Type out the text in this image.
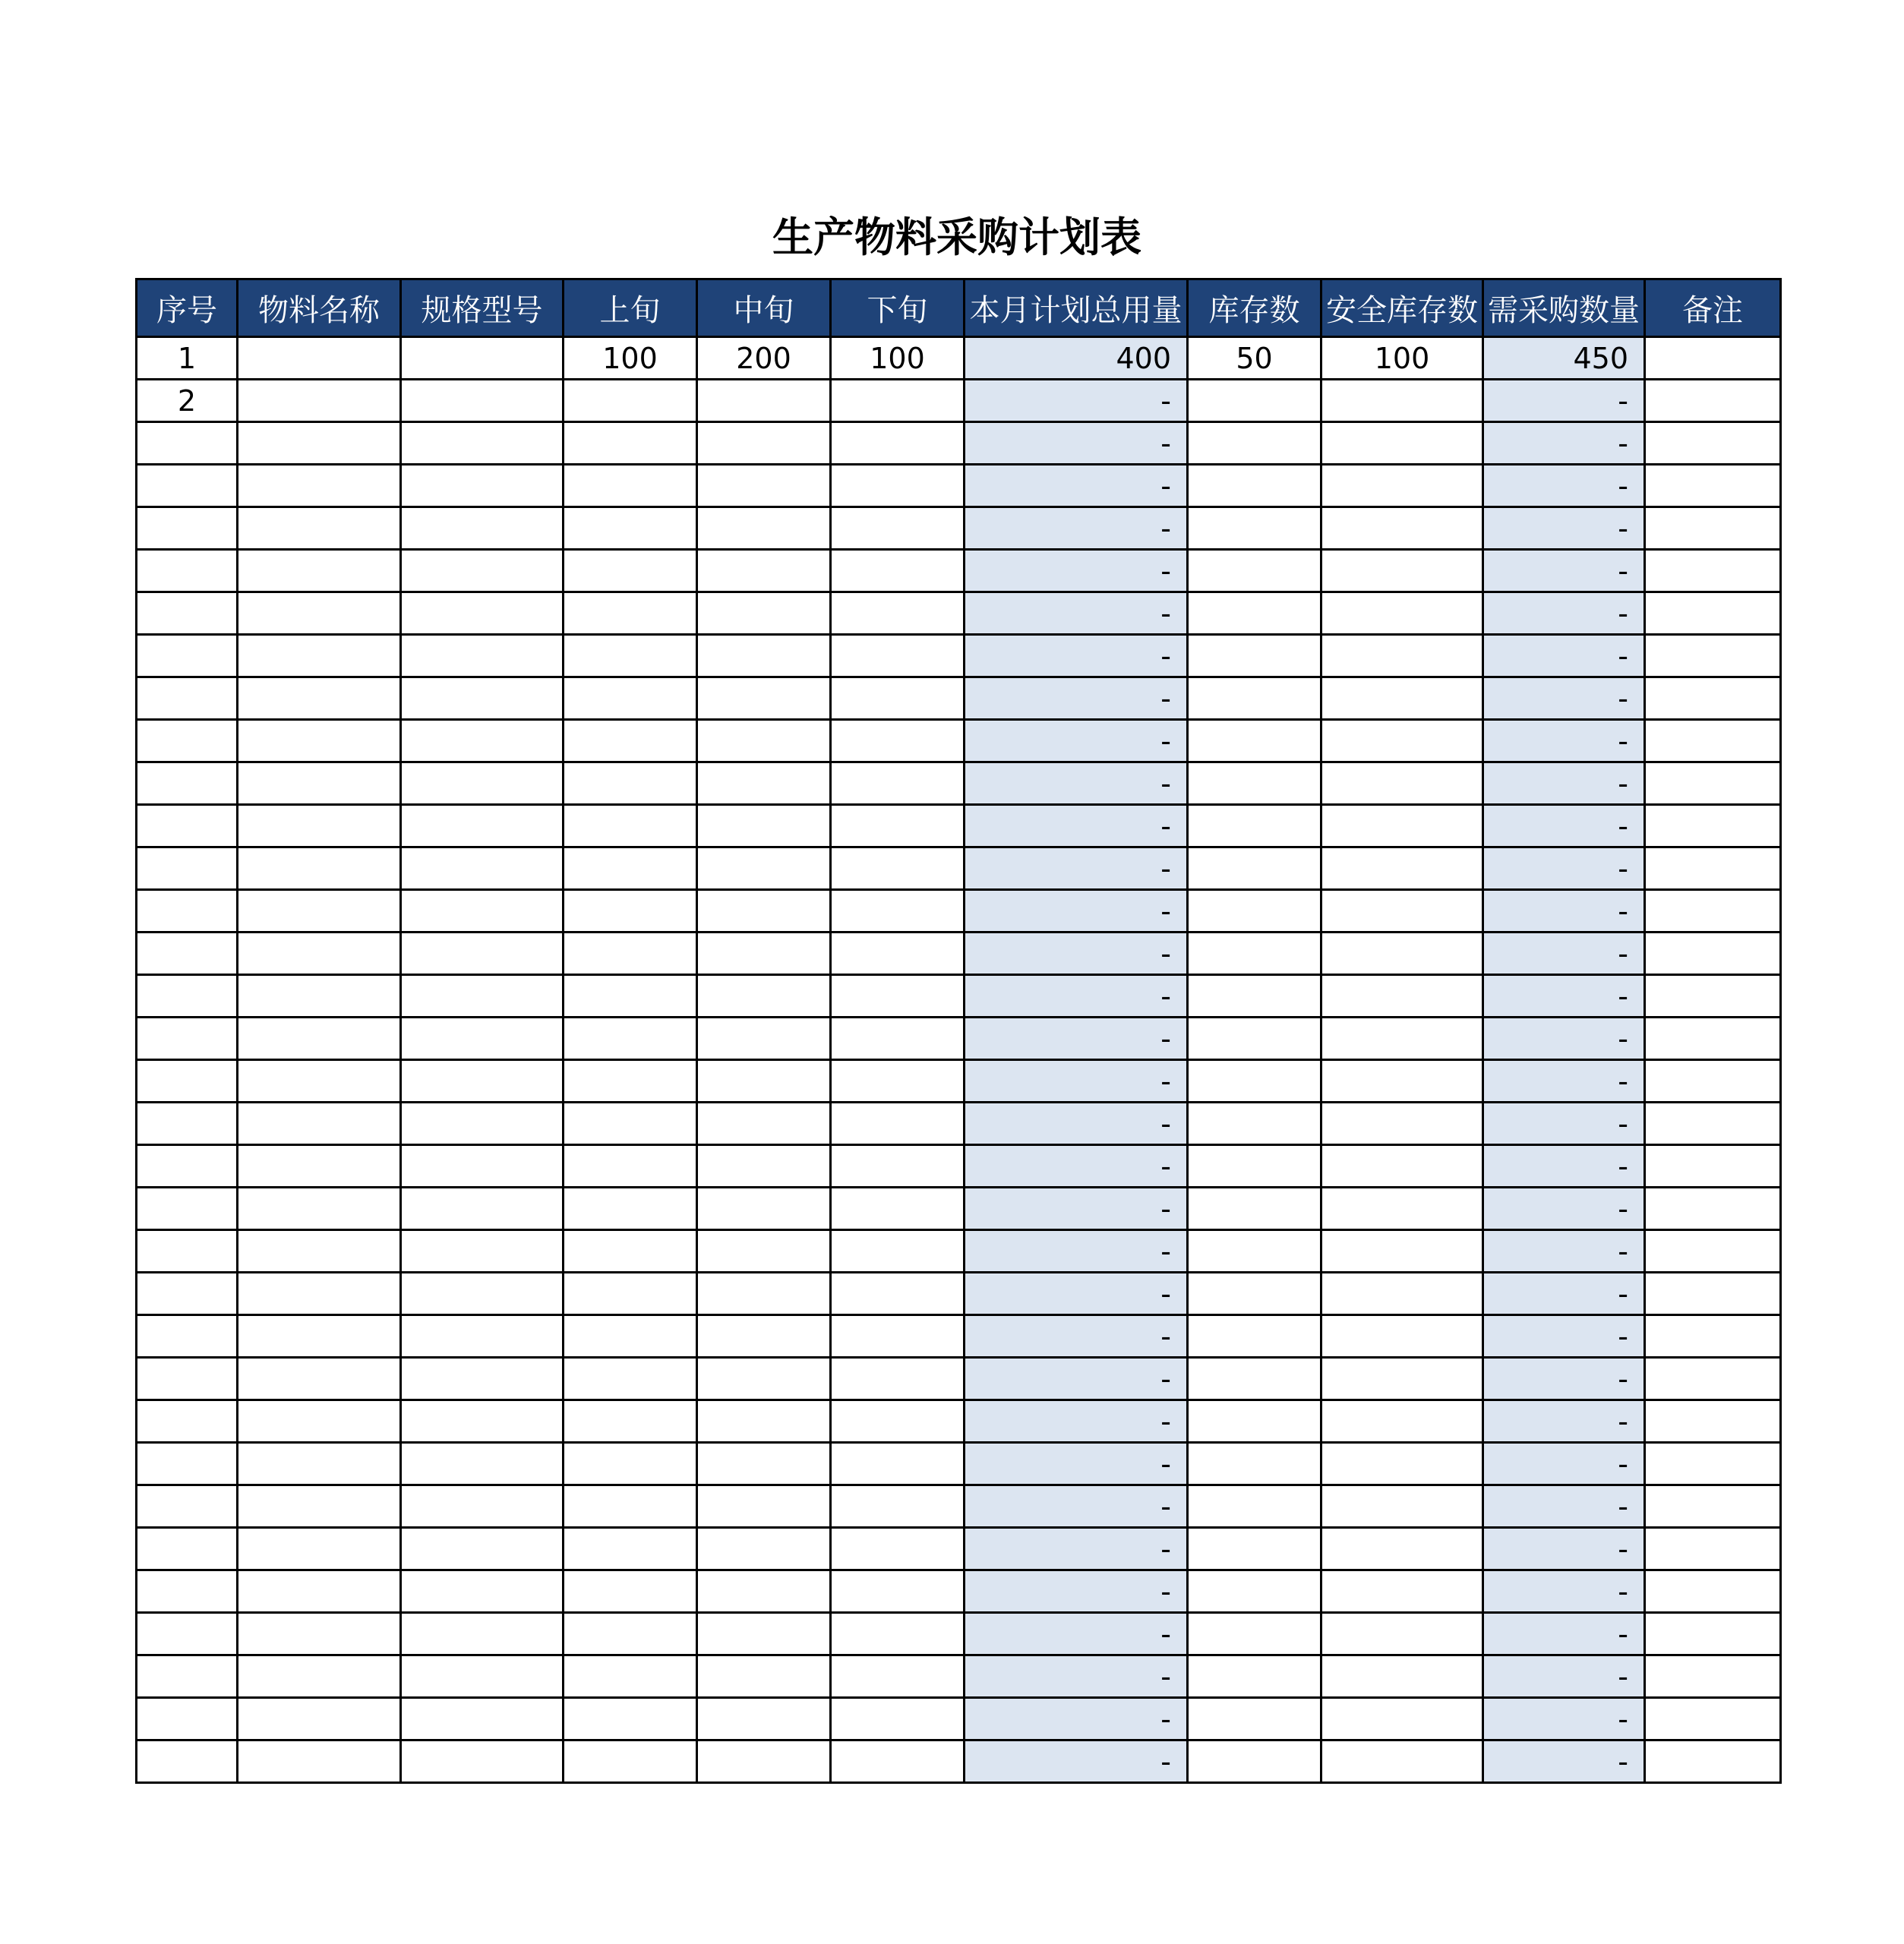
生产物料采购计划表
序号	物料名称	规格型号	上旬	中旬	下旬	本月计划总用量	库存数	安全库存数	需采购数量	备注
1			100	200	100	400	50	100	450	
2						-			-	
						-			-	
						-			-	
						-			-	
						-			-	
						-			-	
						-			-	
						-			-	
						-			-	
						-			-	
						-			-	
						-			-	
						-			-	
						-			-	
						-			-	
						-			-	
						-			-	
						-			-	
						-			-	
						-			-	
						-			-	
						-			-	
						-			-	
						-			-	
						-			-	
						-			-	
						-			-	
						-			-	
						-			-	
						-			-	
						-			-	
						-			-	
						-			-	
